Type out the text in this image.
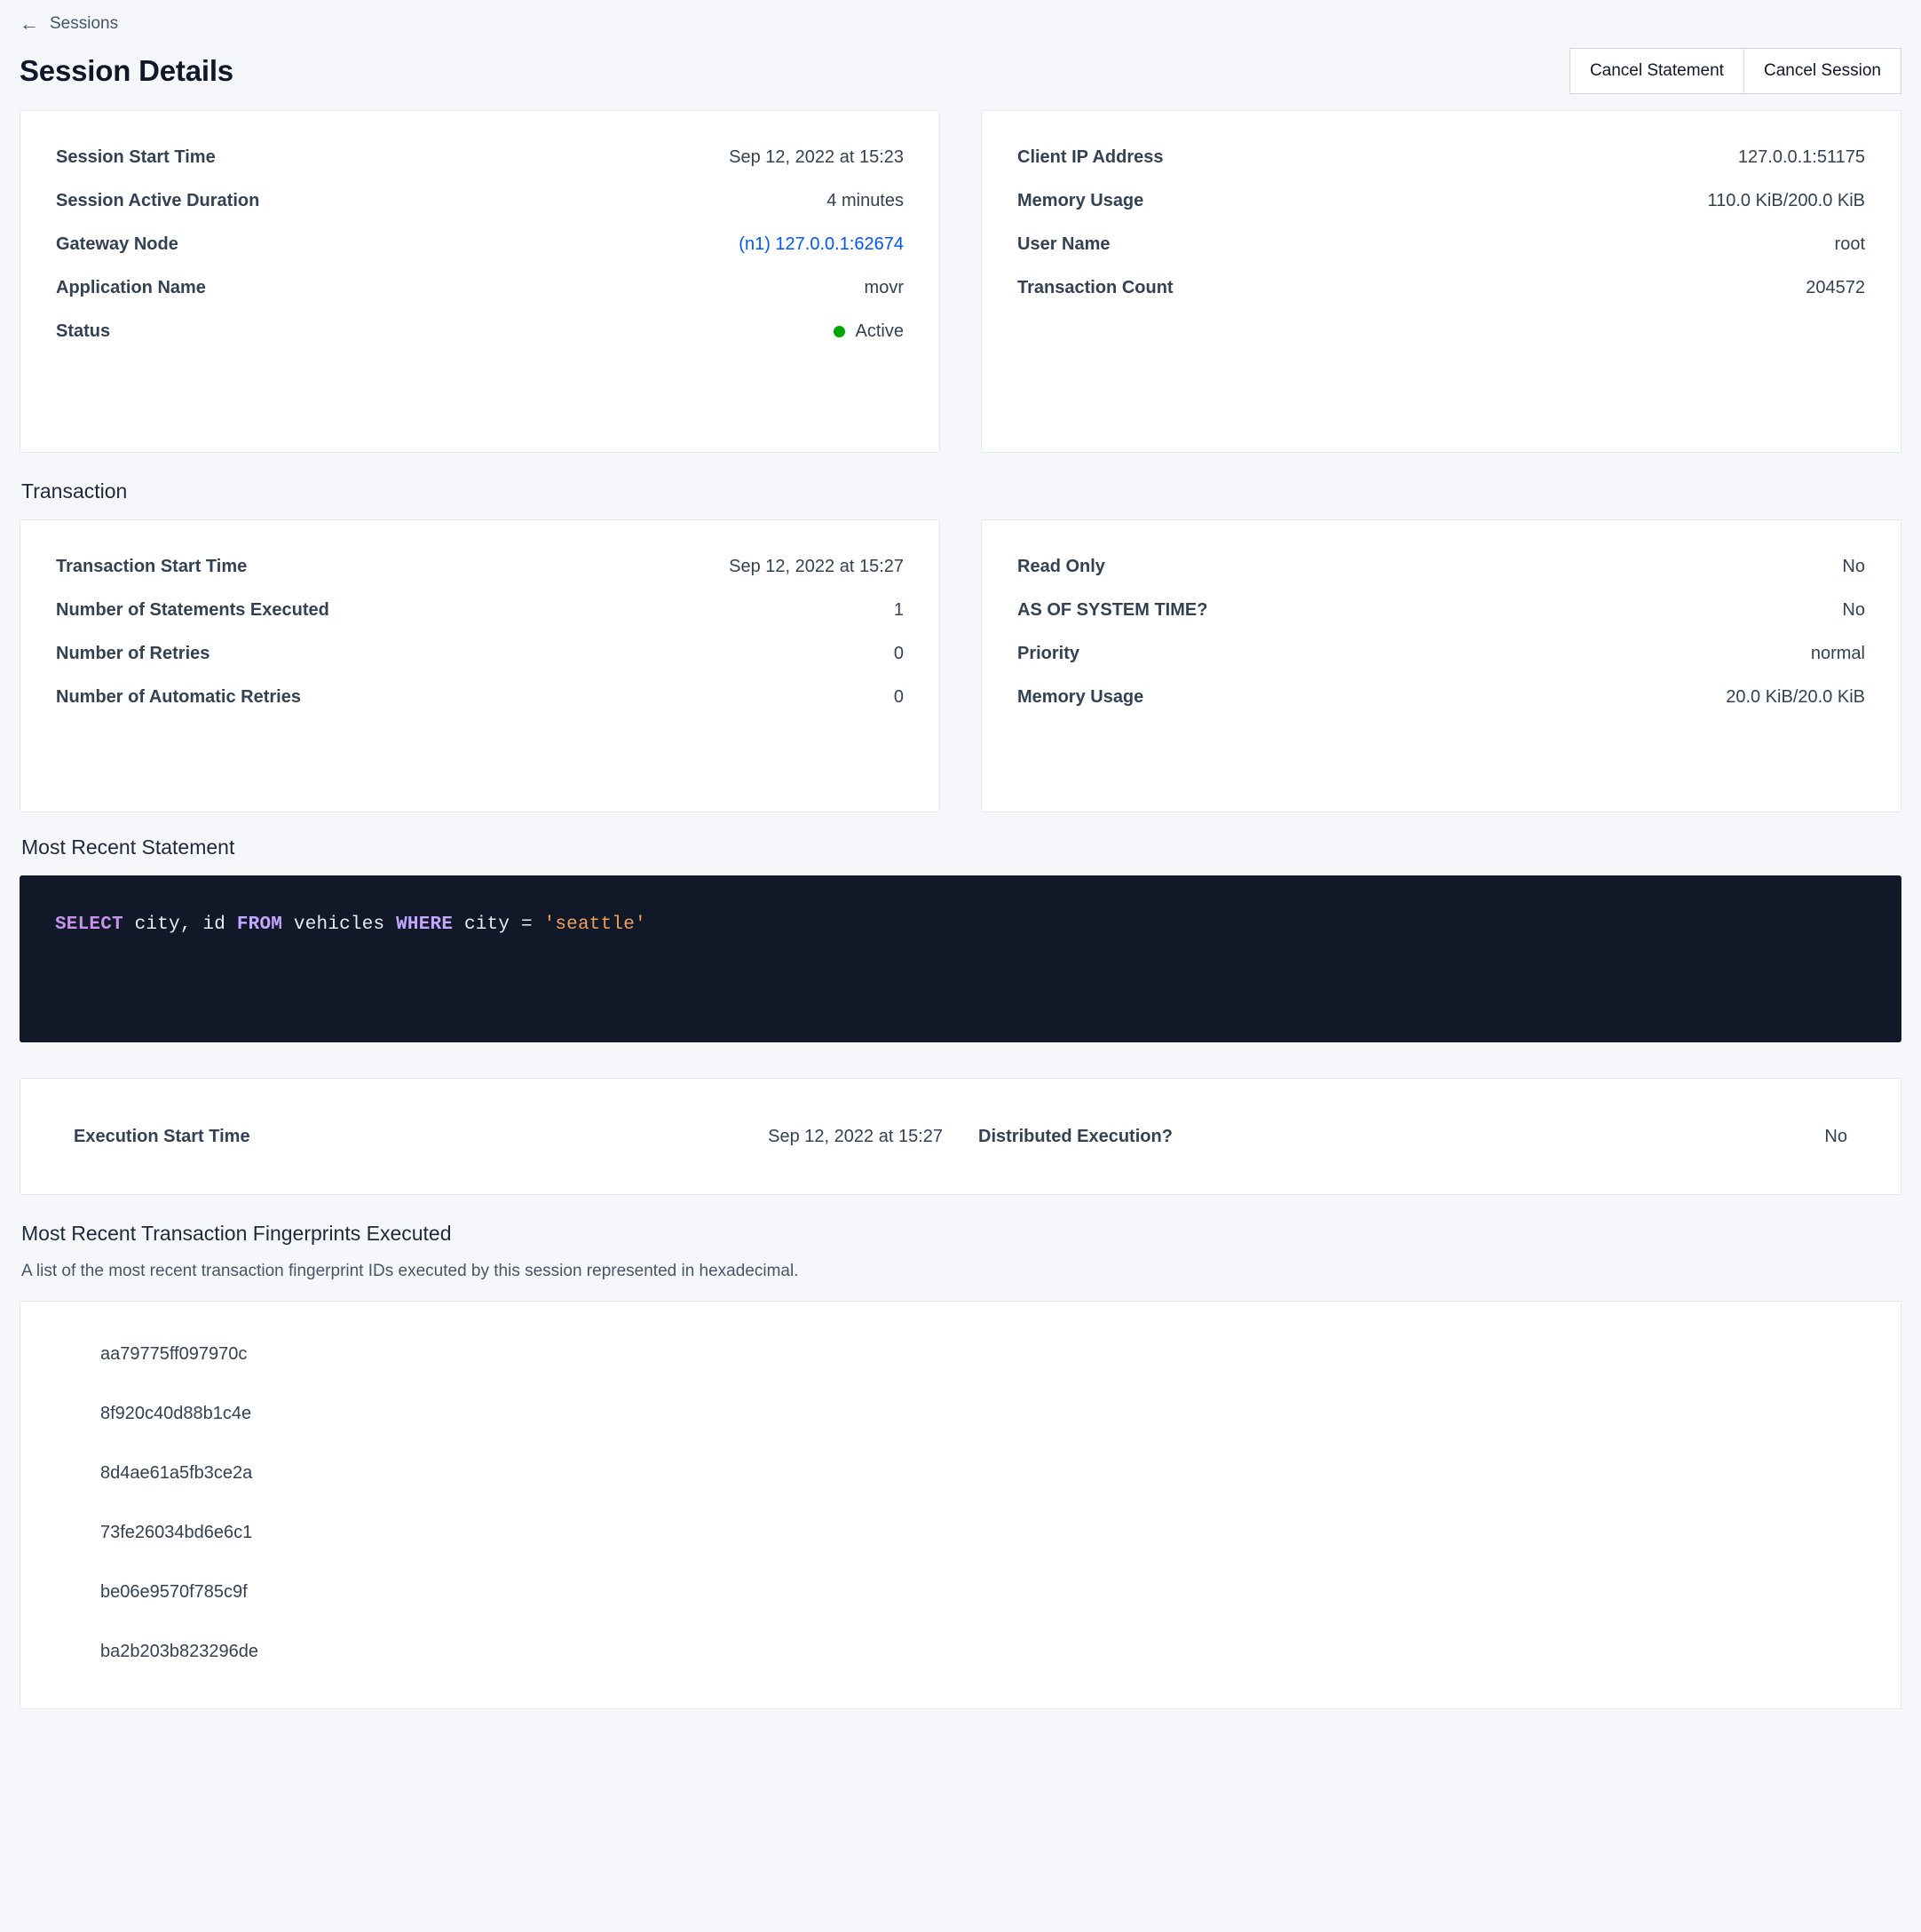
← Sessions
Session Details	Cancel Statement	Cancel Session
Session Start Time	Sep 12, 2022 at 15:23
Session Active Duration	4 minutes
Gateway Node	(n1) 127.0.0.1:62674
Application Name	movr
Status	Active
Client IP Address	127.0.0.1:51175
Memory Usage	110.0 KiB/200.0 KiB
User Name	root
Transaction Count	204572
Transaction
Transaction Start Time	Sep 12, 2022 at 15:27
Number of Statements Executed	1
Number of Retries	0
Number of Automatic Retries	0
Read Only	No
AS OF SYSTEM TIME?	No
Priority	normal
Memory Usage	20.0 KiB/20.0 KiB
Most Recent Statement
SELECT city, id FROM vehicles WHERE city = 'seattle'
Execution Start Time	Sep 12, 2022 at 15:27 Distributed Execution?	No
Most Recent Transaction Fingerprints Executed

A list of the most recent transaction fingerprint IDs executed by this session represented in hexadecimal.

aa79775ff097970c
8f920c40d88b1c4e
8d4ae61a5fb3ce2a
73fe26034bd6e6c1
be06e9570f785c9f
ba2b203b823296de
